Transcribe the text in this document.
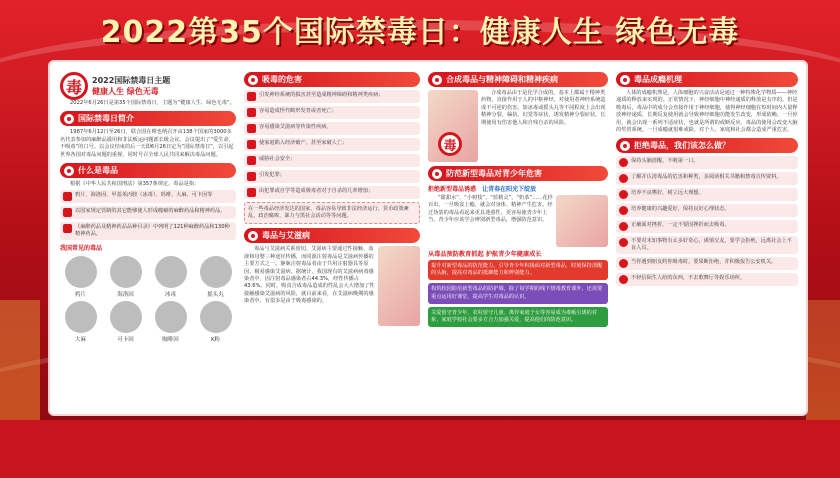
2022第35个国际禁毒日：健康人生 绿色无毒
毒	2022国际禁毒日主题
健康人生 绿色无毒

2022年6月26日是第35个国际禁毒日，主题为“健康人生、绿色无毒”。

国际禁毒日简介

1987年6月12日至26日，联合国在维也纳召开由138个国家的3000多名代表参加的麻醉品滥用和非法贩运问题部长级会议。会议提出了“爱生命，不吸毒”的口号。以会议结束的后一天即6月26日定为“国际禁毒日”，以引起世界各国对毒品问题的重视，同时号召全球人民共同来解决毒品问题。

什么是毒品

根据《中华人民共和国刑法》第357条规定，毒品是指：

鸦片、海洛因、甲基苯丙胺（冰毒）、吗啡、大麻、可卡因等
以国家规定管制的其它能够使人形成瘾癖的麻醉药品和精神药品。
《麻醉药品及精神药品品种目录》中列明了121种麻醉药品和130种精神药品。
我国常见的毒品
鸦片	海洛因	冰毒	摇头丸
大麻	可卡因	咖啡因	K粉
吸毒的危害
引发神经系统的损害甚至造成精神障碍和精神类疾病；
容易造成怪代畸形发育或者死亡；
容易感染艾滋病等传染性疾病。
使家庭陷入经济破产、甚至家破人亡；
威胁社会安全；
引发犯罪；
由犯罪或自学等造成吸毒者对于自杀的几率增加；
在一些毒品经济发达的国家，毒品容易导致非法经济运行、货币政策紊乱、政治腐败、暴力与黑社会活动等等问题。
毒品与艾滋病

毒品与艾滋病关系密切。艾滋病主要通过性接触、血液和母婴三种途径传播，而同源注射毒品是艾滋病传播的主要方式之一。静脉注射毒品者由于共用注射器具等原因，极易感染艾滋病。据统计，我国现有的艾滋病病毒感染者中，因注射毒品感染者占44.3%，经性传播占43.6%。同时，吸食合成毒品造成的性乱会大大增加了性接触感染艾滋病的风险，就目前来看，在艾滋病晚期的感染者中，有很多是由于吸毒感染的。

合成毒品与精神障碍和精神疾病
毒

合成毒品由于是化学合成的，基本上都属于精神类药物，直接作用于人的中枢神经，对使用者神经系统造成不可逆的伤害。如冰毒或摇头丸等不同程度上会出现精神分裂、偏执、幻觉等症状，诱发精神分裂症状，长期使用有伤害他人和自残自杀的风险。

防范新型毒品对青少年危害
拒绝新型毒品诱惑 让青春在阳光下绽放

“甜甜水”、“小树枝”、“蓝精灵”、“奶茶”……花样百出，一旦吸食上瘾，就会对身体、精神产生危害。经过伪装的毒品看起来更具迷惑性，更容易使青少年上当。青少年应该学会辨别新型毒品，增强防范意识。

从毒品预防教育抓起 护航青少年健康成长
提升对新型毒品的防范能力，引导青少年积极面对新型毒品，时刻保持清醒的头脑，提高对毒品的抵御能力和辨别能力。
构筑校园防范新型毒品的防护墙，除了每学期的线下禁毒教育课外，还需要重点运用好课堂，提高学生对毒品的认识。
关爱留守青少年，农村留守儿童、离异家庭子女等容易成为毒贩引诱的对象，家庭学校社会要多方合力加强关爱，提高他们的防范意识。
毒品成瘾机理

人体的成瘾机理是，人体细胞的兴奋活动是通过一种特殊化学物质——神经递质的释放来实现的。正常情况下，神经细胞中神经递质的释放是有序的。但是吸毒后，毒品中的成分会直接作用于神经细胞，使得神经细胞在短时间内大量释放神经递质，长期反复使用就会导致神经细胞功能发生改变，形成依赖。一旦停用，就会出现一系列不适症状，也就是所谓的戒断反应。毒品的使用会改变大脑的奖赏系统，一旦成瘾就很难戒除，对个人、家庭和社会都会造成严重危害。

拒绝毒品，我们该怎么做？
保持头脑清醒，不吸第一口。
了解并认清毒品的危害和种类，多阅读相关书籍和禁毒宣传资料。
培养不良嗜好，树立远大理想。
培养健康的兴趣爱好，保持良好心理状态。
正确面对挫折，一定不要因挫折而去吸毒。
不要对未知事物有太多好奇心，谨慎交友，要学会拒绝，远离社会上不良人员。
当你遇到朋友约你吸毒时，要果断拒绝，并积极报告公安机关。
不轻信陌生人给的东西，不去歌舞厅等娱乐场所。
